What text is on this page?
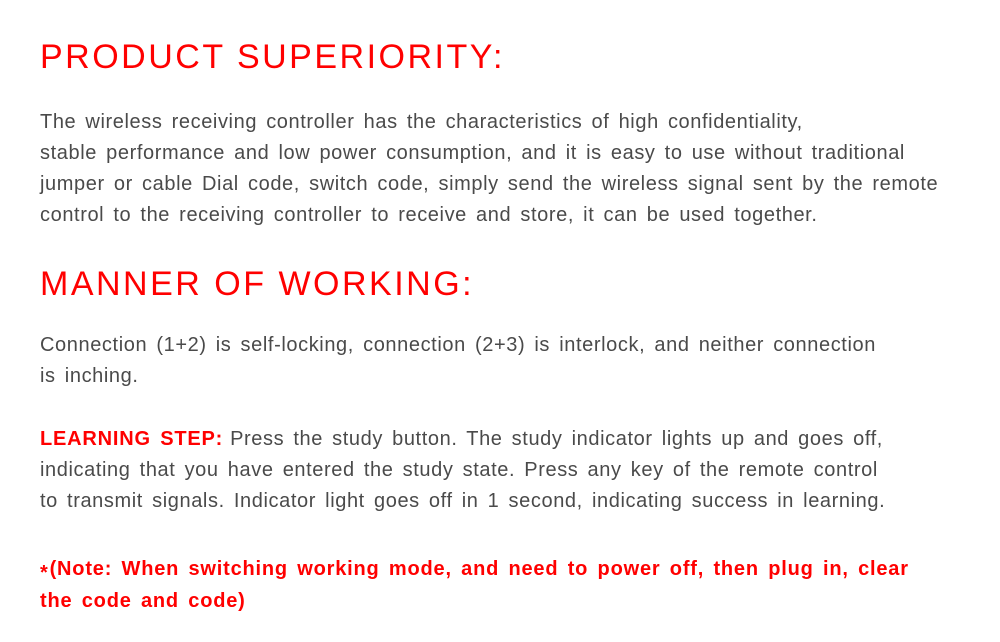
PRODUCT SUPERIORITY:
The wireless receiving controller has the characteristics of high confidentiality,
stable performance and low power consumption, and it is easy to use without traditional
jumper or cable Dial code, switch code, simply send the wireless signal sent by the remote
control to the receiving controller to receive and store, it can be used together.
MANNER OF WORKING:
Connection (1+2) is self-locking, connection (2+3) is interlock, and neither connection
is inching.
LEARNING STEP: Press the study button. The study indicator lights up and goes off,
indicating that you have entered the study state. Press any key of the remote control
to transmit signals. Indicator light goes off in 1 second, indicating success in learning.
*(Note: When switching working mode, and need to power off, then plug in, clear
the code and code)
